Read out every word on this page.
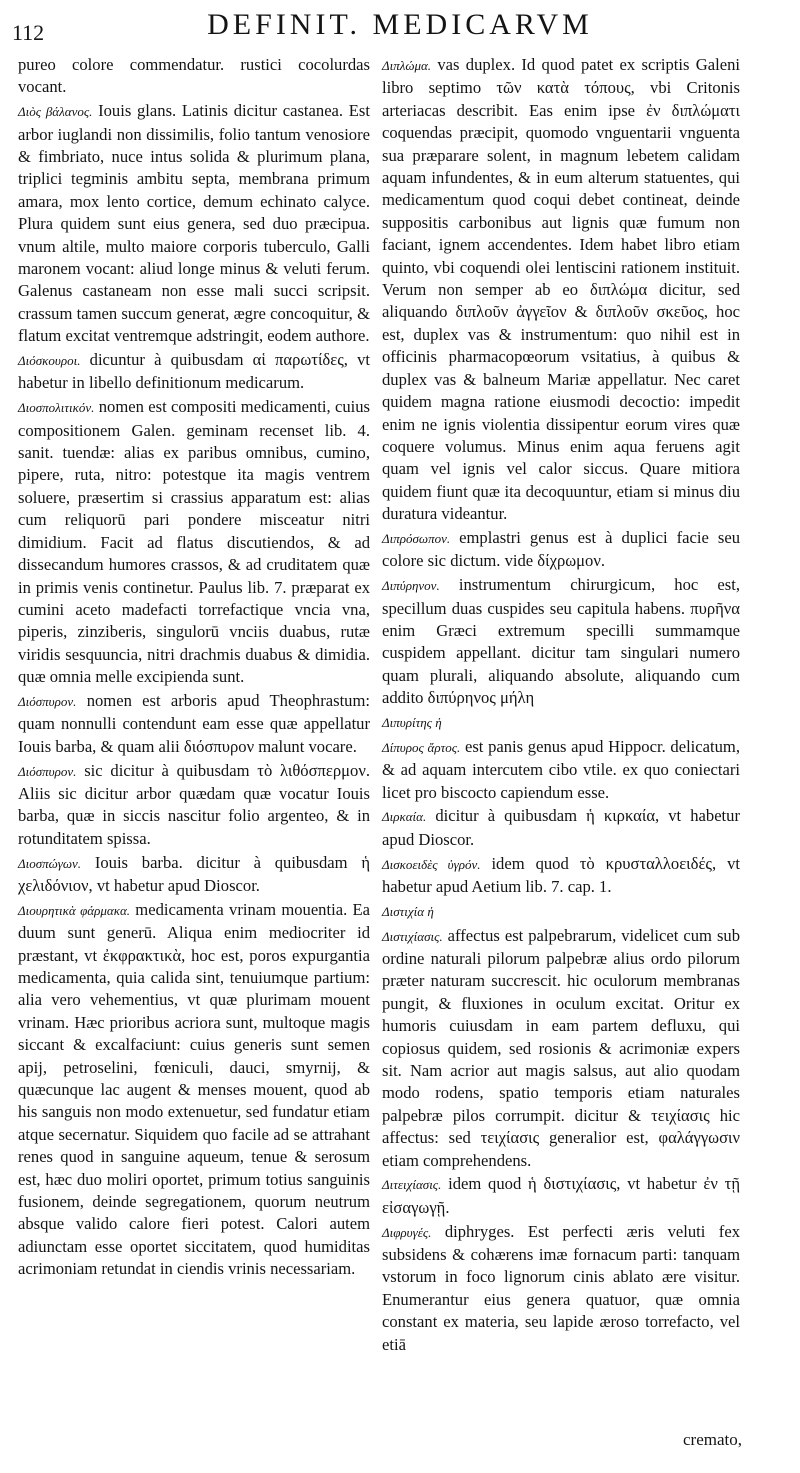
112	DEFINIT. MEDICARVM

pureo colore commendatur. rustici cocolurdas vocant.

Διὸς βάλανος. Iouis glans. Latinis dicitur castanea. Est arbor iuglandi non dissimilis, folio tantum venosiore & fimbriato, nuce intus solida & plurimum plana, triplici tegminis ambitu septa, membrana primum amara, mox lento cortice, demum echinato calyce. Plura quidem sunt eius genera, sed duo præcipua. vnum altile, multo maiore corporis tuberculo, Galli maronem vocant: aliud longe minus & veluti ferum. Galenus castaneam non esse mali succi scripsit. crassum tamen succum generat, ægre concoquitur, & flatum excitat ventremque adstringit, eodem authore.

Διόσκουροι. dicuntur à quibusdam αἱ παρωτίδες, vt habetur in libello definitionum medicarum.

Διοσπολιτικόν. nomen est compositi medicamenti, cuius compositionem Galen. geminam recenset lib. 4. sanit. tuendæ: alias ex paribus omnibus, cumino, pipere, ruta, nitro: potestque ita magis ventrem soluere, præsertim si crassius apparatum est: alias cum reliquorū pari pondere misceatur nitri dimidium. Facit ad flatus discutiendos, & ad dissecandum humores crassos, & ad cruditatem quæ in primis venis continetur. Paulus lib. 7. præparat ex cumini aceto madefacti torrefactique vncia vna, piperis, zinziberis, singulorū vnciis duabus, rutæ viridis sesquuncia, nitri drachmis duabus & dimidia. quæ omnia melle excipienda sunt.

Διόσπυρον. nomen est arboris apud Theophrastum: quam nonnulli contendunt eam esse quæ appellatur Iouis barba, & quam alii διόσπυρον malunt vocare.

Διόσπυρον. sic dicitur à quibusdam τὸ λιθόσπερμον. Aliis sic dicitur arbor quædam quæ vocatur Iouis barba, quæ in siccis nascitur folio argenteo, & in rotunditatem spissa.

Διοσπώγων. Iouis barba. dicitur à quibusdam ἡ χελιδόνιον, vt habetur apud Dioscor.

Διουρητικὰ φάρμακα. medicamenta vrinam mouentia. Ea duum sunt generū. Aliqua enim mediocriter id præstant, vt ἐκφρακτικὰ, hoc est, poros expurgantia medicamenta, quia calida sint, tenuiumque partium: alia vero vehementius, vt quæ plurimam mouent vrinam. Hæc prioribus acriora sunt, multoque magis siccant & excalfaciunt: cuius generis sunt semen apij, petroselini, fœniculi, dauci, smyrnij, & quæcunque lac augent & menses mouent, quod ab his sanguis non modo extenuetur, sed fundatur etiam atque secernatur. Siquidem quo facile ad se attrahant renes quod in sanguine aqueum, tenue & serosum est, hæc duo moliri oportet, primum totius sanguinis fusionem, deinde segregationem, quorum neutrum absque valido calore fieri potest. Calori autem adiunctam esse oportet siccitatem, quod humiditas acrimoniam retundat in ciendis vrinis necessariam.

Διπλώμα. vas duplex. Id quod patet ex scriptis Galeni libro septimo τῶν κατὰ τόπους, vbi Critonis arteriacas describit. Eas enim ipse ἐν διπλώματι coquendas præcipit, quomodo vnguentarii vnguenta sua præparare solent, in magnum lebetem calidam aquam infundentes, & in eum alterum statuentes, qui medicamentum quod coqui debet contineat, deinde suppositis carbonibus aut lignis quæ fumum non faciant, ignem accendentes. Idem habet libro etiam quinto, vbi coquendi olei lentiscini rationem instituit. Verum non semper ab eo διπλώμα dicitur, sed aliquando διπλοῦν ἀγγεῖον & διπλοῦν σκεῦος, hoc est, duplex vas & instrumentum: quo nihil est in officinis pharmacopœorum vsitatius, à quibus & duplex vas & balneum Mariæ appellatur. Nec caret quidem magna ratione eiusmodi decoctio: impedit enim ne ignis violentia dissipentur eorum vires quæ coquere volumus. Minus enim aqua feruens agit quam vel ignis vel calor siccus. Quare mitiora quidem fiunt quæ ita decoquuntur, etiam si minus diu duratura videantur.

Διπρόσωπον. emplastri genus est à duplici facie seu colore sic dictum. vide δίχρωμον.

Διπύρηνον. instrumentum chirurgicum, hoc est, specillum duas cuspides seu capitula habens. πυρῆνα enim Græci extremum specilli summamque cuspidem appellant. dicitur tam singulari numero quam plurali, aliquando absolute, aliquando cum addito διπύρηνος μήλη

Διπυρίτης ἡ

Δίπυρος ἄρτος. est panis genus apud Hippocr. delicatum, & ad aquam intercutem cibo vtile. ex quo coniectari licet pro biscocto capiendum esse.

Διρκαία. dicitur à quibusdam ἡ κιρκαία, vt habetur apud Dioscor.

Δισκοειδὲς ὑγρόν. idem quod τὸ κρυσταλλοειδές, vt habetur apud Aetium lib. 7. cap. 1.

Διστιχία ἡ

Διστιχίασις. affectus est palpebrarum, videlicet cum sub ordine naturali pilorum palpebræ alius ordo pilorum præter naturam succrescit. hic oculorum membranas pungit, & fluxiones in oculum excitat. Oritur ex humoris cuiusdam in eam partem defluxu, qui copiosus quidem, sed rosionis & acrimoniæ expers sit. Nam acrior aut magis salsus, aut alio quodam modo rodens, spatio temporis etiam naturales palpebræ pilos corrumpit. dicitur & τειχίασις hic affectus: sed τειχίασις generalior est, φαλάγγωσιν etiam comprehendens.

Διτειχίασις. idem quod ἡ διστιχίασις, vt habetur ἐν τῇ εἰσαγωγῇ.

Διφρυγές. diphryges. Est perfecti æris veluti fex subsidens & cohærens imæ fornacum parti: tanquam vstorum in foco lignorum cinis ablato ære visitur. Enumerantur eius genera quatuor, quæ omnia constant ex materia, seu lapide æroso torrefacto, vel etiā

cremato,
